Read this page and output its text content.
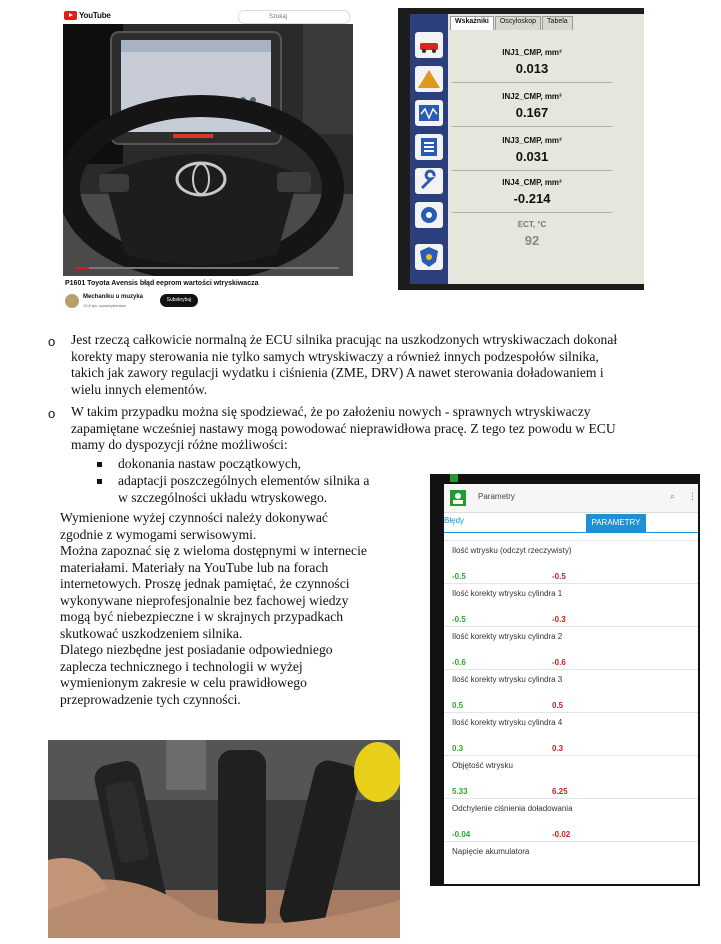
YouTube	Szukaj
P1601 Toyota Avensis błąd eeprom wartości wtryskiwacza
Mechaniku u muzyka
13,6 tys. subskrybentów
Subskrybuj
Wskaźniki	Oscyloskop	Tabela
INJ1_CMP, mm³
0.013
INJ2_CMP, mm³
0.167
INJ3_CMP, mm³
0.031
INJ4_CMP, mm³
-0.214
ECT, °C
92
o Jest rzeczą całkowicie normalną że ECU silnika pracując na uszkodzonych wtryskiwaczach dokonał
korekty mapy sterowania nie tylko samych wtryskiwaczy a również innych podzespołów silnika,
takich jak zawory regulacji wydatku i ciśnienia (ZME, DRV) A nawet sterowania doładowaniem i
wielu innych elementów.
o W takim przypadku można się spodziewać, że po założeniu nowych - sprawnych wtryskiwaczy
zapamiętane wcześniej nastawy mogą powodować nieprawidłowa pracę. Z tego tez powodu w ECU
mamy do dyspozycji różne możliwości:
dokonania nastaw początkowych,
adaptacji poszczególnych elementów silnika a
w szczególności układu wtryskowego.
Wymienione wyżej czynności należy dokonywać
zgodnie z wymogami serwisowymi.
Można zapoznać się z wieloma dostępnymi w internecie
materiałami. Materiały na YouTube lub na forach
internetowych. Proszę jednak pamiętać, że czynności
wykonywane nieprofesjonalnie bez fachowej wiedzy
mogą być niebezpieczne i w skrajnych przypadkach
skutkować uszkodzeniem silnika.
Dlatego niezbędne jest posiadanie odpowiedniego
zaplecza technicznego i technologii w wyżej
wymienionym zakresie w celu prawidłowego
przeprowadzenie tych czynności.
Parametry	⌕ ⋮
Błędy	PARAMETRY
Ilość wtrysku (odczyt rzeczywisty)
-0.5	-0.5
Ilość korekty wtrysku cylindra 1
-0.5	-0.3
Ilość korekty wtrysku cylindra 2
-0.6	-0.6
Ilość korekty wtrysku cylindra 3
0.5	0.5
Ilość korekty wtrysku cylindra 4
0.3	0.3
Objętość wtrysku
5.33	6.25
Odchylenie ciśnienia doładowania
-0.04	-0.02
Napięcie akumulatora
